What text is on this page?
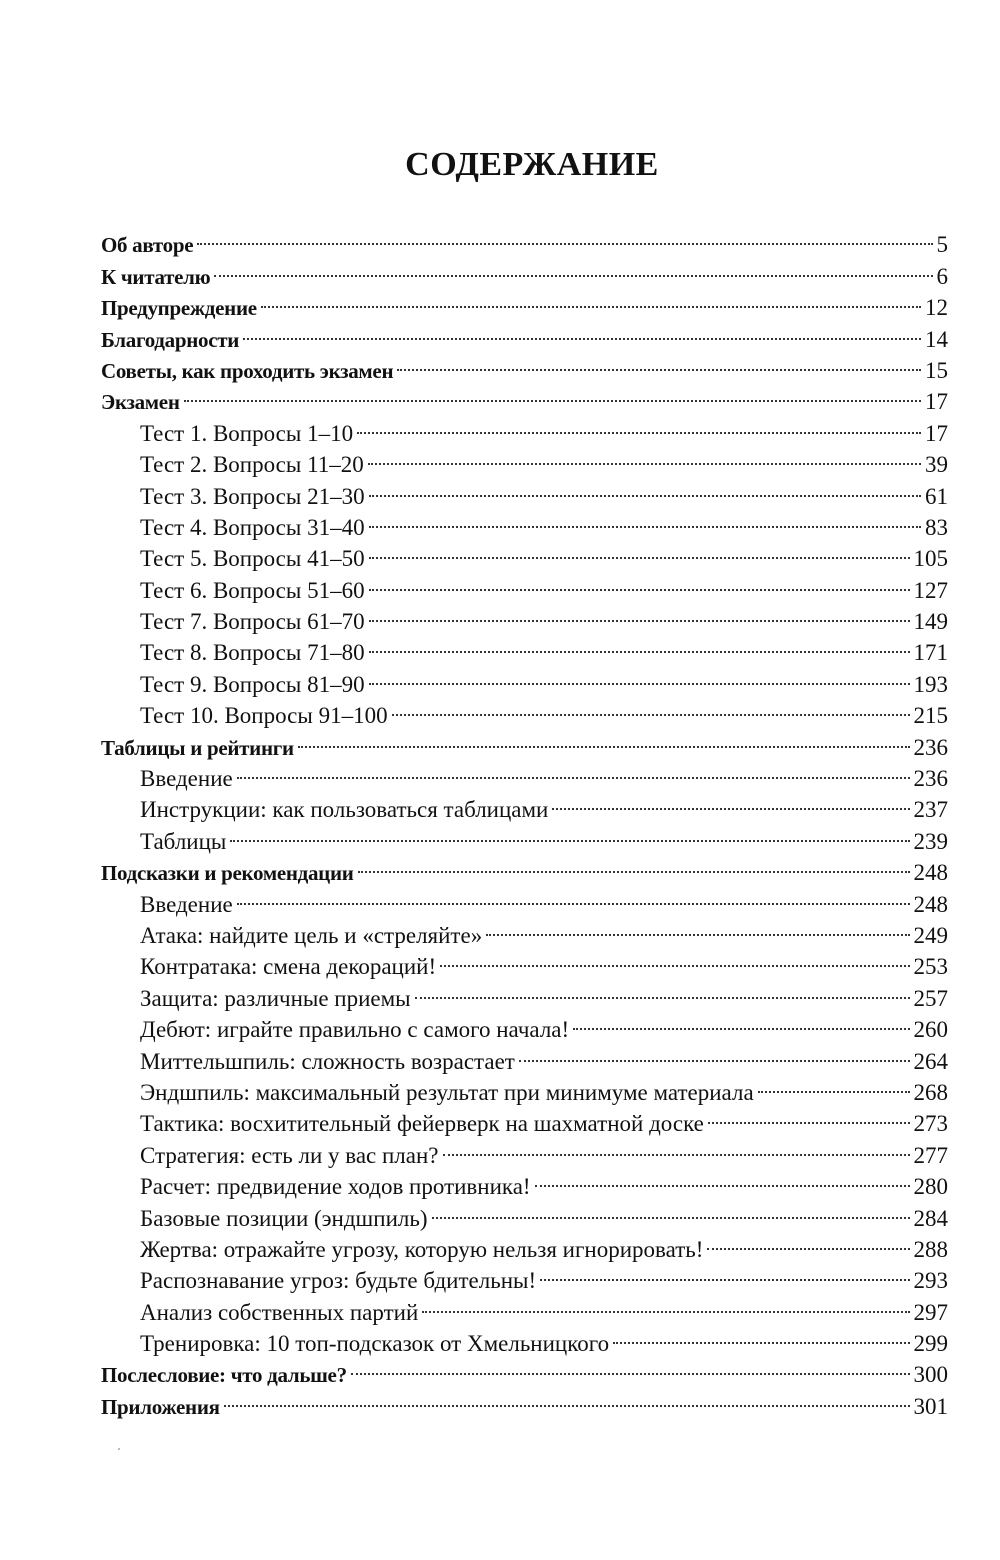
СОДЕРЖАНИЕ
Об авторе	5
К читателю	6
Предупреждение	12
Благодарности	14
Советы, как проходить экзамен	15
Экзамен	17
Тест 1. Вопросы 1–10	17
Тест 2. Вопросы 11–20	39
Тест 3. Вопросы 21–30	61
Тест 4. Вопросы 31–40	83
Тест 5. Вопросы 41–50	105
Тест 6. Вопросы 51–60	127
Тест 7. Вопросы 61–70	149
Тест 8. Вопросы 71–80	171
Тест 9. Вопросы 81–90	193
Тест 10. Вопросы 91–100	215
Таблицы и рейтинги	236
Введение	236
Инструкции: как пользоваться таблицами	237
Таблицы	239
Подсказки и рекомендации	248
Введение	248
Атака: найдите цель и «стреляйте»	249
Контратака: смена декораций!	253
Защита: различные приемы	257
Дебют: играйте правильно с самого начала!	260
Миттельшпиль: сложность возрастает	264
Эндшпиль: максимальный результат при минимуме материала	268
Тактика: восхитительный фейерверк на шахматной доске	273
Стратегия: есть ли у вас план?	277
Расчет: предвидение ходов противника!	280
Базовые позиции (эндшпиль)	284
Жертва: отражайте угрозу, которую нельзя игнорировать!	288
Распознавание угроз: будьте бдительны!	293
Анализ собственных партий	297
Тренировка: 10 топ-подсказок от Хмельницкого	299
Послесловие: что дальше?	300
Приложения	301
